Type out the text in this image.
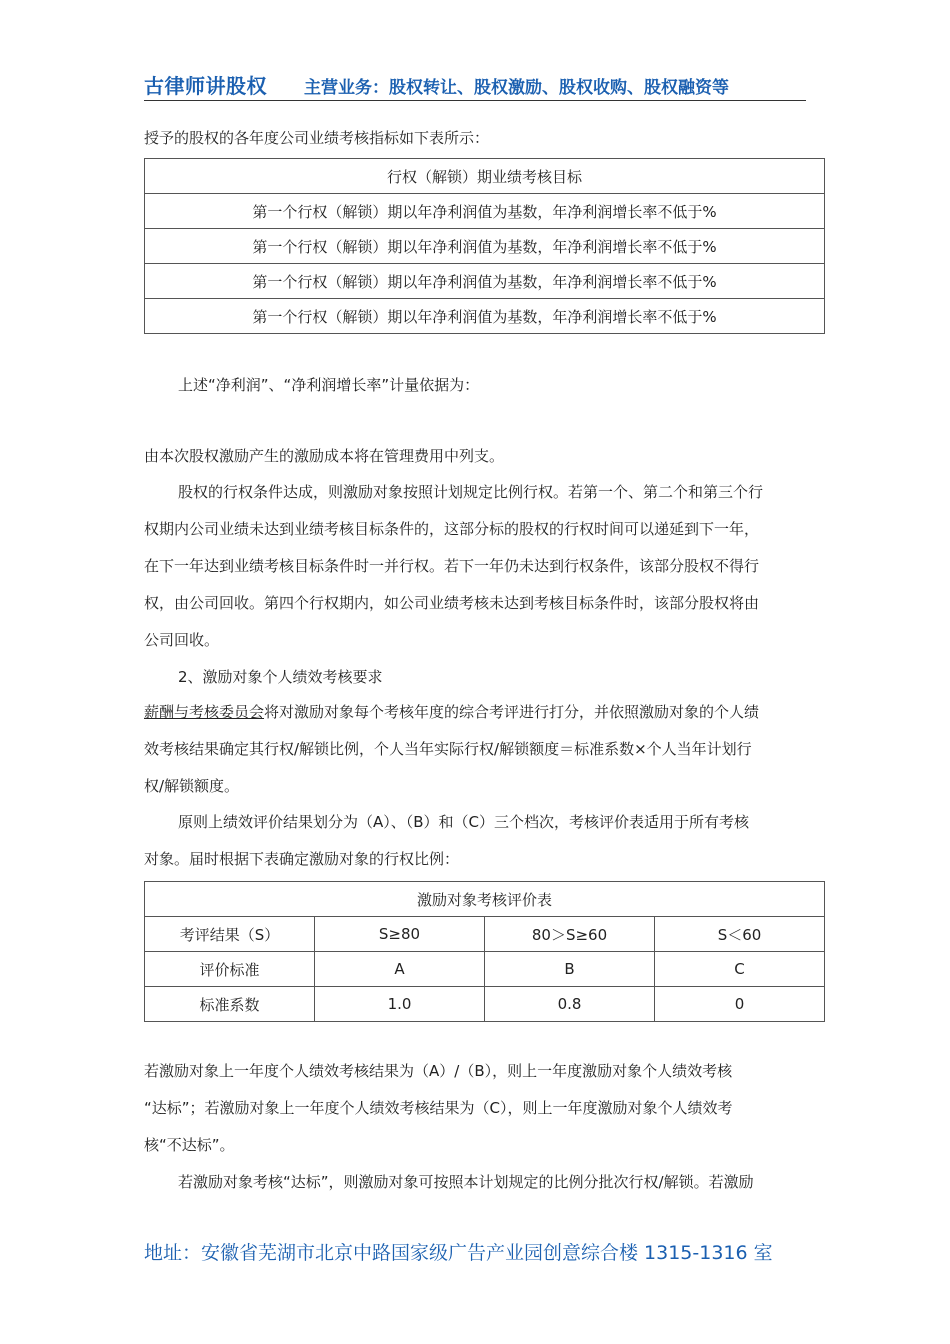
古律师讲股权 主营业务：股权转让、股权激励、股权收购、股权融资等
授予的股权的各年度公司业绩考核指标如下表所示：
行权（解锁）期业绩考核目标
第一个行权（解锁）期以年净利润值为基数，年净利润增长率不低于%
第一个行权（解锁）期以年净利润值为基数，年净利润增长率不低于%
第一个行权（解锁）期以年净利润值为基数，年净利润增长率不低于%
第一个行权（解锁）期以年净利润值为基数，年净利润增长率不低于%
上述“净利润”、“净利润增长率”计量依据为：
由本次股权激励产生的激励成本将在管理费用中列支。
股权的行权条件达成，则激励对象按照计划规定比例行权。若第一个、第二个和第三个行
权期内公司业绩未达到业绩考核目标条件的，这部分标的股权的行权时间可以递延到下一年，
在下一年达到业绩考核目标条件时一并行权。若下一年仍未达到行权条件，该部分股权不得行
权，由公司回收。第四个行权期内，如公司业绩考核未达到考核目标条件时，该部分股权将由
公司回收。
2、激励对象个人绩效考核要求
薪酬与考核委员会将对激励对象每个考核年度的综合考评进行打分，并依照激励对象的个人绩
效考核结果确定其行权/解锁比例，个人当年实际行权/解锁额度＝标准系数×个人当年计划行
权/解锁额度。
原则上绩效评价结果划分为（A）、（B）和（C）三个档次，考核评价表适用于所有考核
对象。届时根据下表确定激励对象的行权比例：
激励对象考核评价表			
考评结果（S）	S≥80	80＞S≥60	S＜60
评价标准	A	B	C
标准系数	1.0	0.8	0
若激励对象上一年度个人绩效考核结果为（A）/（B），则上一年度激励对象个人绩效考核
“达标”；若激励对象上一年度个人绩效考核结果为（C），则上一年度激励对象个人绩效考
核“不达标”。
若激励对象考核“达标”，则激励对象可按照本计划规定的比例分批次行权/解锁。若激励
地址：安徽省芜湖市北京中路国家级广告产业园创意综合楼 1315-1316 室
